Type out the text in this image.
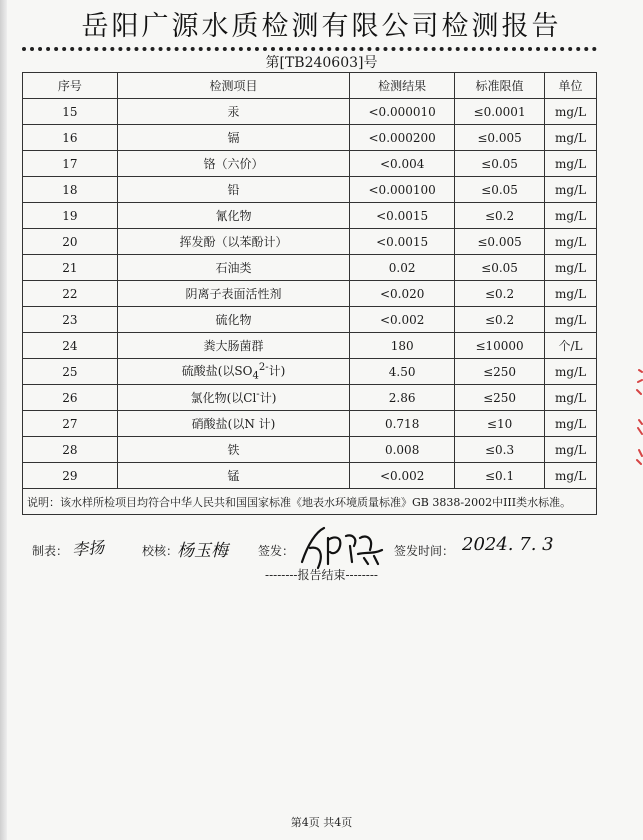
岳阳广源水质检测有限公司检测报告
第[TB240603]号
序号	检测项目	检测结果	标准限值	单位
15	汞	<0.000010	≤0.0001	mg/L
16	镉	<0.000200	≤0.005	mg/L
17	铬（六价）	<0.004	≤0.05	mg/L
18	铅	<0.000100	≤0.05	mg/L
19	氰化物	<0.0015	≤0.2	mg/L
20	挥发酚（以苯酚计）	<0.0015	≤0.005	mg/L
21	石油类	0.02	≤0.05	mg/L
22	阴离子表面活性剂	<0.020	≤0.2	mg/L
23	硫化物	<0.002	≤0.2	mg/L
24	粪大肠菌群	180	≤10000	个/L
25	硫酸盐(以$SO_4^{2-}$计)	4.50	≤250	mg/L
26	氯化物(以Cl-计)	2.86	≤250	mg/L
27	硝酸盐(以N 计)	0.718	≤10	mg/L
28	铁	0.008	≤0.3	mg/L
29	锰	<0.002	≤0.1	mg/L
说明：该水样所检项目均符合中华人民共和国国家标准《地表水环境质量标准》GB 3838-2002中III类水标准。				
制表： 李扬	校核：
杨玉梅	签发：	签发时间： 2024. 7. 3
--------报告结束--------
第4页 共4页
